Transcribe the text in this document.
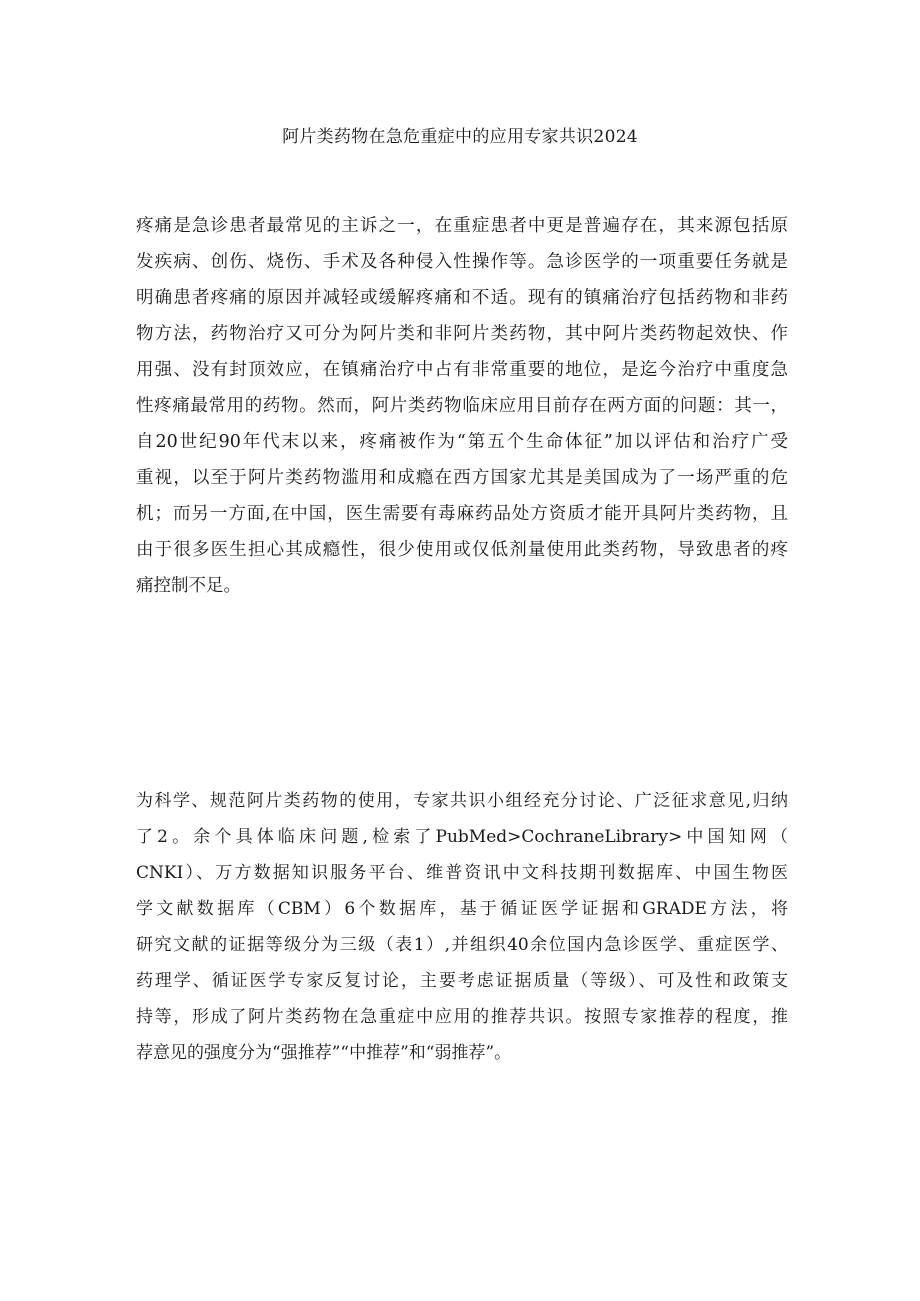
阿片类药物在急危重症中的应用专家共识2024
疼痛是急诊患者最常见的主诉之一，在重症患者中更是普遍存在，其来源包括原
发疾病、创伤、烧伤、手术及各种侵入性操作等。急诊医学的一项重要任务就是
明确患者疼痛的原因并减轻或缓解疼痛和不适。现有的镇痛治疗包括药物和非药
物方法，药物治疗又可分为阿片类和非阿片类药物，其中阿片类药物起效快、作
用强、没有封顶效应，在镇痛治疗中占有非常重要的地位，是迄今治疗中重度急
性疼痛最常用的药物。然而，阿片类药物临床应用目前存在两方面的问题：其一，
自20世纪90年代末以来，疼痛被作为“第五个生命体征”加以评估和治疗广受
重视，以至于阿片类药物滥用和成瘾在西方国家尤其是美国成为了一场严重的危
机；而另一方面,在中国，医生需要有毒麻药品处方资质才能开具阿片类药物，且
由于很多医生担心其成瘾性，很少使用或仅低剂量使用此类药物，导致患者的疼
痛控制不足。
为科学、规范阿片类药物的使用，专家共识小组经充分讨论、广泛征求意见,归纳
了2。余个具体临床问题,检索了PubMed>CochraneLibrary>中国知网（
CNKI）、万方数据知识服务平台、维普资讯中文科技期刊数据库、中国生物医
学文献数据库（CBM）6个数据库，基于循证医学证据和GRADE方法，将
研究文献的证据等级分为三级（表1）,并组织40余位国内急诊医学、重症医学、
药理学、循证医学专家反复讨论，主要考虑证据质量（等级）、可及性和政策支
持等，形成了阿片类药物在急重症中应用的推荐共识。按照专家推荐的程度，推
荐意见的强度分为“强推荐”“中推荐”和“弱推荐”。
